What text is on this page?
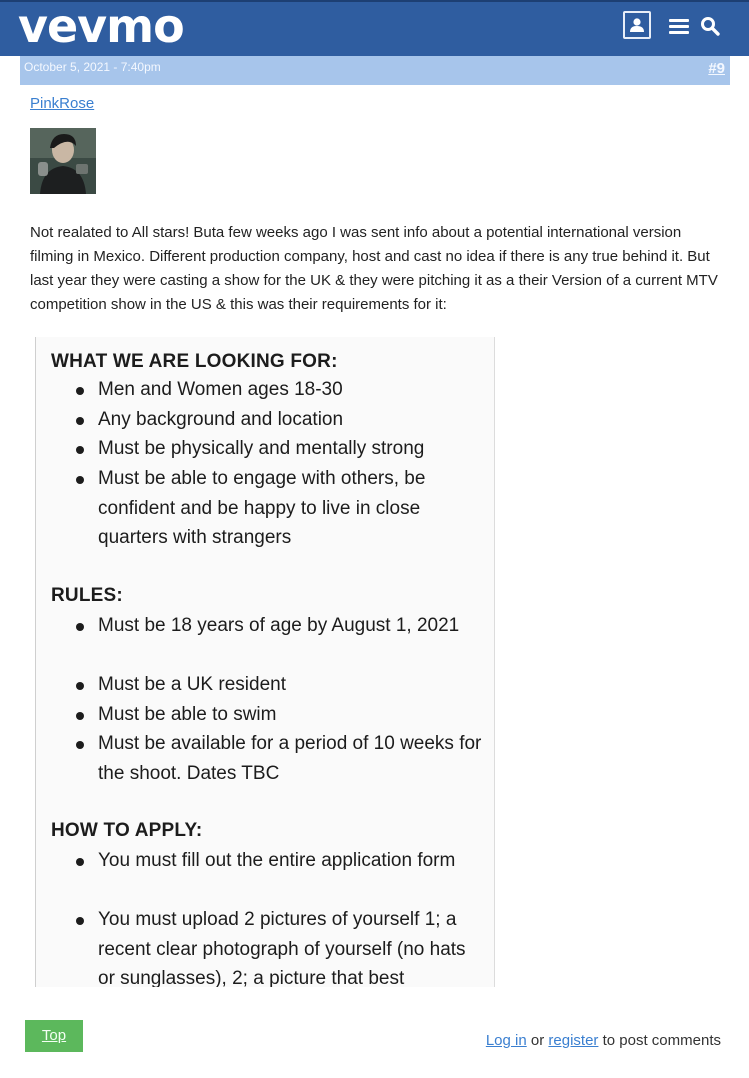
vevmo
October 5, 2021 - 7:40pm	#9
PinkRose
Not realated to All stars! Buta few weeks ago I was sent info about a potential international version filming in Mexico. Different production company, host and cast no idea if there is any true behind it. But last year they were casting a show for the UK & they were pitching it as a their Version of a current MTV competition show in the US & this was their requirements for it:
WHAT WE ARE LOOKING FOR:
Men and Women ages 18-30
Any background and location
Must be physically and mentally strong
Must be able to engage with others, be confident and be happy to live in close quarters with strangers
RULES:
Must be 18 years of age by August 1, 2021
Must be a UK resident
Must be able to swim
Must be available for a period of 10 weeks for the shoot. Dates TBC
HOW TO APPLY:
You must fill out the entire application form
You must upload 2 pictures of yourself 1; a recent clear photograph of yourself (no hats or sunglasses), 2; a picture that best
Top	Log in or register to post comments
